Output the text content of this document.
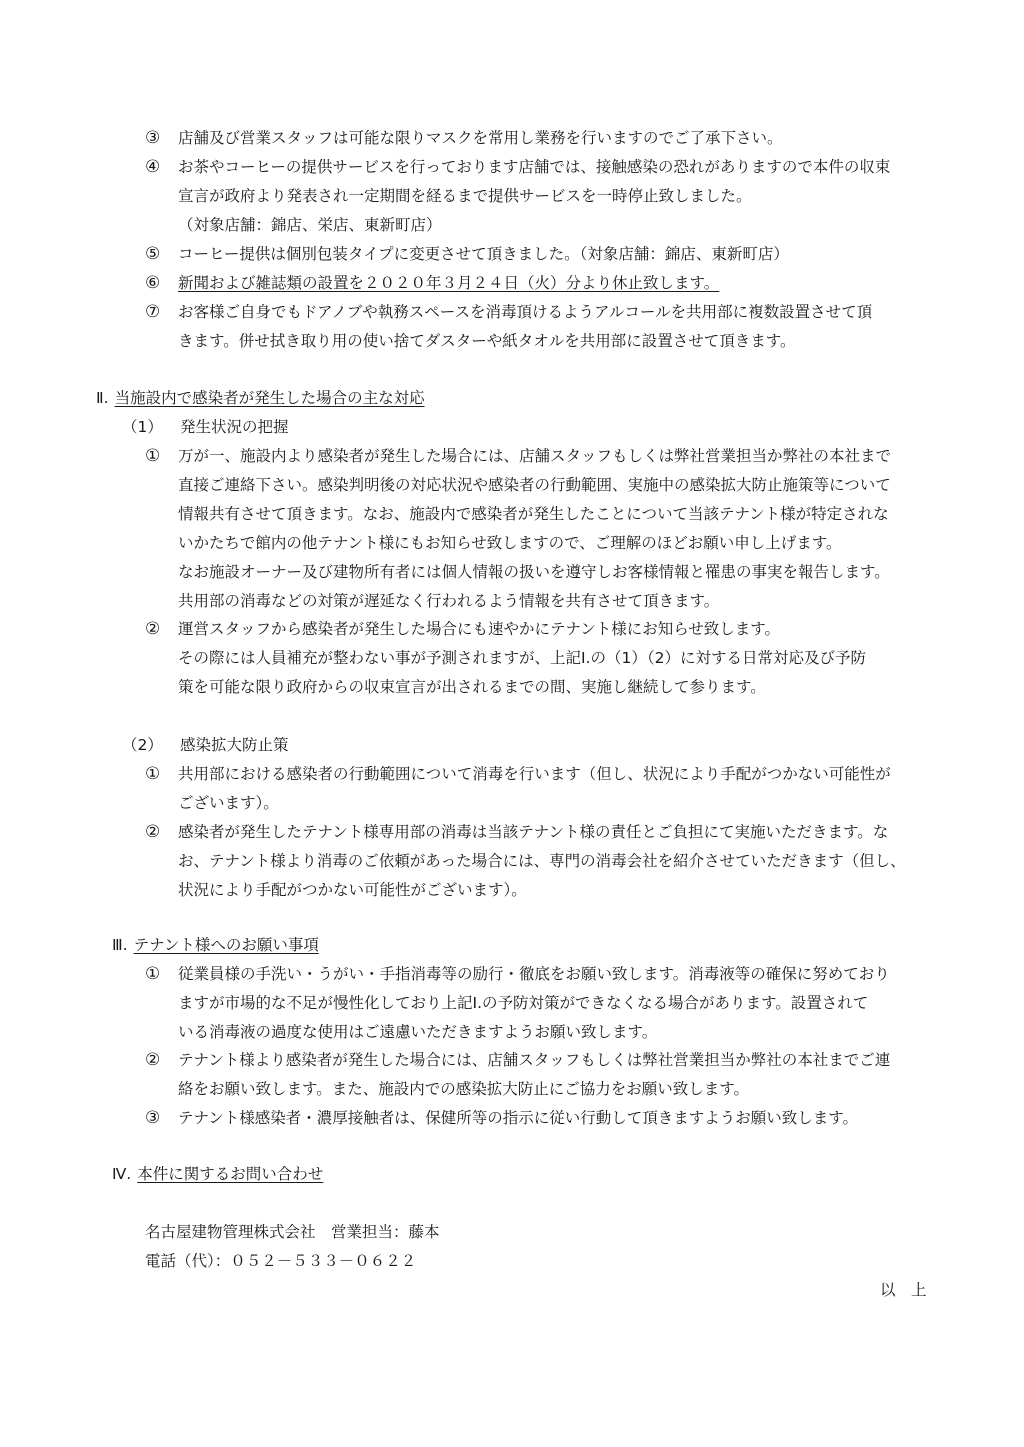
③ 店舗及び営業スタッフは可能な限りマスクを常用し業務を行いますのでご了承下さい。
④ お茶やコーヒーの提供サービスを行っております店舗では、接触感染の恐れがありますので本件の収束
宣言が政府より発表され一定期間を経るまで提供サービスを一時停止致しました。
（対象店舗：錦店、栄店、東新町店）
⑤ コーヒー提供は個別包装タイプに変更させて頂きました。（対象店舗：錦店、東新町店）
⑥ 新聞および雑誌類の設置を２０２０年３月２４日（火）分より休止致します。
⑦ お客様ご自身でもドアノブや執務スペースを消毒頂けるようアルコールを共用部に複数設置させて頂
きます。併せ拭き取り用の使い捨てダスターや紙タオルを共用部に設置させて頂きます。
Ⅱ. 当施設内で感染者が発生した場合の主な対応
（1） 発生状況の把握
① 万が一、施設内より感染者が発生した場合には、店舗スタッフもしくは弊社営業担当か弊社の本社まで
直接ご連絡下さい。感染判明後の対応状況や感染者の行動範囲、実施中の感染拡大防止施策等について
情報共有させて頂きます。なお、施設内で感染者が発生したことについて当該テナント様が特定されな
いかたちで館内の他テナント様にもお知らせ致しますので、ご理解のほどお願い申し上げます。
なお施設オーナー及び建物所有者には個人情報の扱いを遵守しお客様情報と罹患の事実を報告します。
共用部の消毒などの対策が遅延なく行われるよう情報を共有させて頂きます。
② 運営スタッフから感染者が発生した場合にも速やかにテナント様にお知らせ致します。
その際には人員補充が整わない事が予測されますが、上記Ⅰ.の（1）（2）に対する日常対応及び予防
策を可能な限り政府からの収束宣言が出されるまでの間、実施し継続して参ります。
（2） 感染拡大防止策
① 共用部における感染者の行動範囲について消毒を行います（但し、状況により手配がつかない可能性が
ございます）。
② 感染者が発生したテナント様専用部の消毒は当該テナント様の責任とご負担にて実施いただきます。な
お、テナント様より消毒のご依頼があった場合には、専門の消毒会社を紹介させていただきます（但し、
状況により手配がつかない可能性がございます）。
Ⅲ. テナント様へのお願い事項
① 従業員様の手洗い・うがい・手指消毒等の励行・徹底をお願い致します。消毒液等の確保に努めており
ますが市場的な不足が慢性化しており上記Ⅰ.の予防対策ができなくなる場合があります。設置されて
いる消毒液の過度な使用はご遠慮いただきますようお願い致します。
② テナント様より感染者が発生した場合には、店舗スタッフもしくは弊社営業担当か弊社の本社までご連
絡をお願い致します。また、施設内での感染拡大防止にご協力をお願い致します。
③ テナント様感染者・濃厚接触者は、保健所等の指示に従い行動して頂きますようお願い致します。
Ⅳ. 本件に関するお問い合わせ
名古屋建物管理株式会社　営業担当：藤本
電話（代）：０５２－５３３－０６２２
以　上
